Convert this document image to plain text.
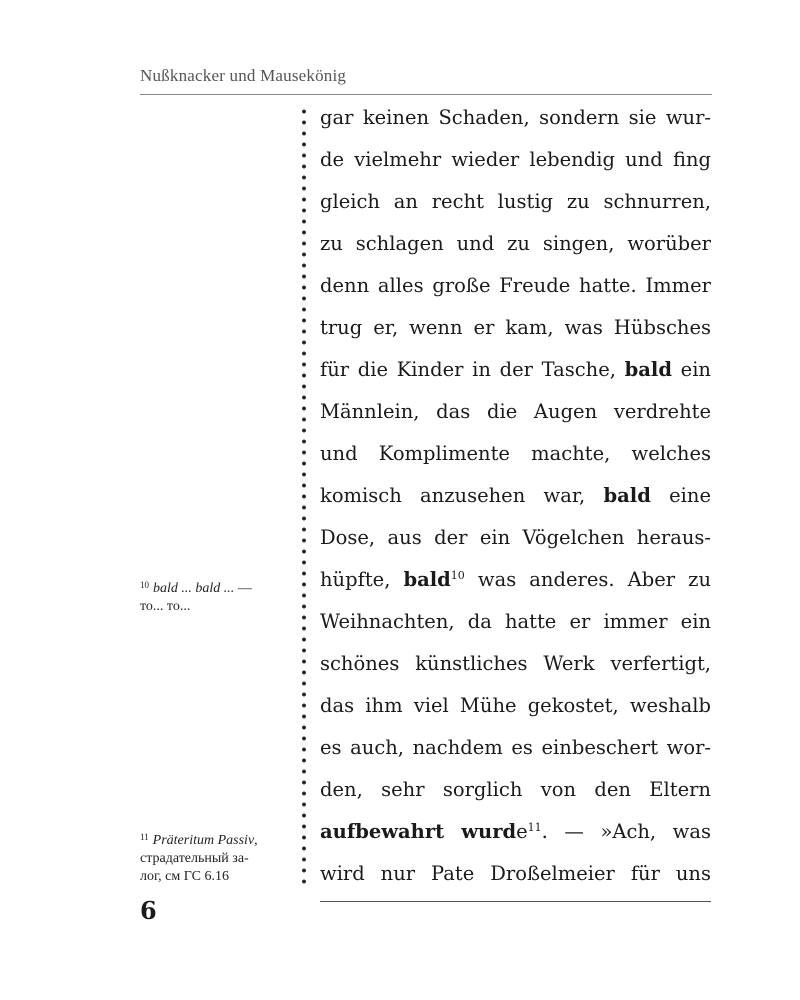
Nußknacker und Mausekönig
gar keinen Schaden, sondern sie wur-
de vielmehr wieder lebendig und fing
gleich an recht lustig zu schnurren,
zu schlagen und zu singen, worüber
denn alles große Freude hatte. Immer
trug er, wenn er kam, was Hübsches
für die Kinder in der Tasche, bald ein
Männlein, das die Augen verdrehte
und Komplimente machte, welches
komisch anzusehen war, bald eine
Dose, aus der ein Vögelchen heraus-
hüpfte, bald$^{10}$ was anderes. Aber zu
Weihnachten, da hatte er immer ein
schönes künstliches Werk verfertigt,
das ihm viel Mühe gekostet, weshalb
es auch, nachdem es einbeschert wor-
den, sehr sorglich von den Eltern
aufbewahrt wurde$^{11}$. — »Ach, was
wird nur Pate Droßelmeier für uns
$^{10}$ bald ... bald ... —
то... то...
$^{11}$ Präteritum Passiv,
страдательный за-
лог, см ГС 6.16
6
